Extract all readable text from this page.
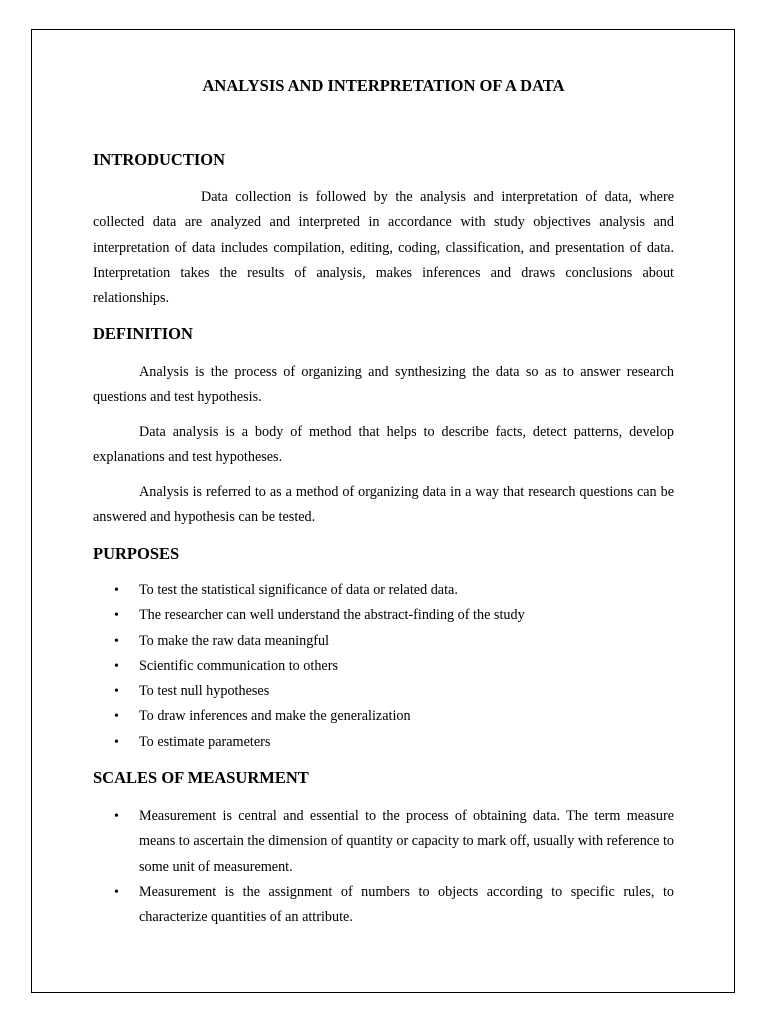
ANALYSIS AND INTERPRETATION OF A DATA
INTRODUCTION

Data collection is followed by the analysis and interpretation of data, where collected data are analyzed and interpreted in accordance with study objectives analysis and interpretation of data includes compilation, editing, coding, classification, and presentation of data. Interpretation takes the results of analysis, makes inferences and draws conclusions about relationships.

DEFINITION

Analysis is the process of organizing and synthesizing the data so as to answer research questions and test hypothesis.

Data analysis is a body of method that helps to describe facts, detect patterns, develop explanations and test hypotheses.

Analysis is referred to as a method of organizing data in a way that research questions can be answered and hypothesis can be tested.

PURPOSES
• To test the statistical significance of data or related data.
• The researcher can well understand the abstract-finding of the study
• To make the raw data meaningful
• Scientific communication to others
• To test null hypotheses
• To draw inferences and make the generalization
• To estimate parameters
SCALES OF MEASURMENT
• Measurement is central and essential to the process of obtaining data. The term measure means to ascertain the dimension of quantity or capacity to mark off, usually with reference to some unit of measurement.
• Measurement is the assignment of numbers to objects according to specific rules, to characterize quantities of an attribute.
